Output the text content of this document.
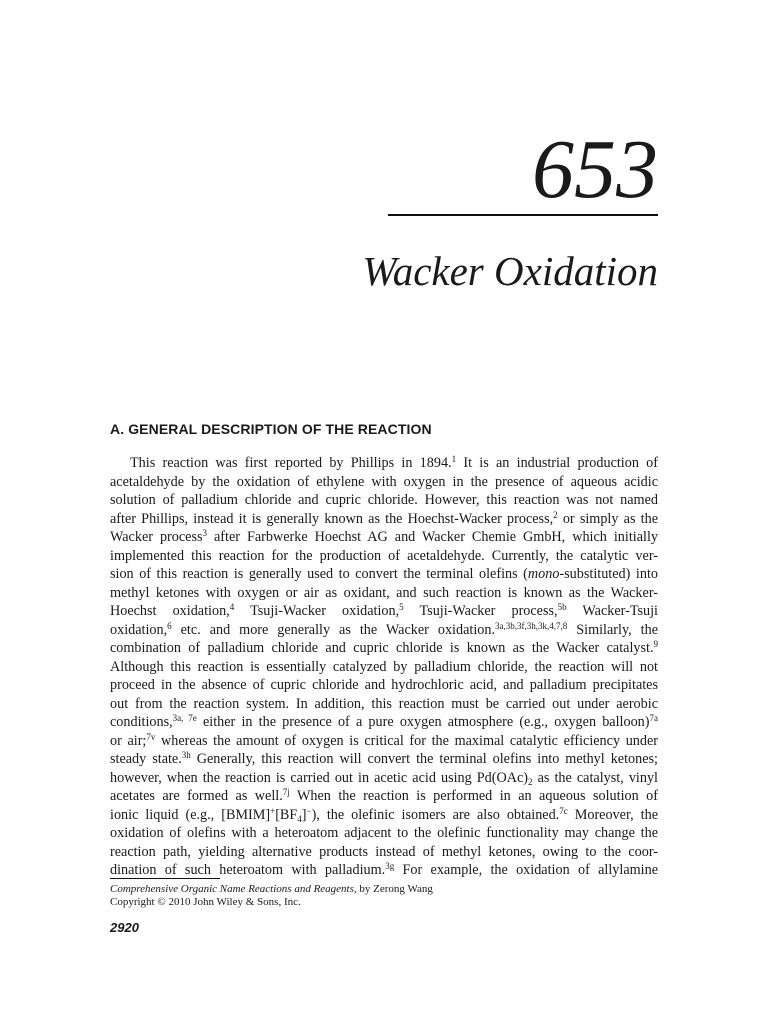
653
Wacker Oxidation
A. GENERAL DESCRIPTION OF THE REACTION
This reaction was first reported by Phillips in 1894.$^1$ It is an industrial production of
acetaldehyde by the oxidation of ethylene with oxygen in the presence of aqueous acidic
solution of palladium chloride and cupric chloride. However, this reaction was not named
after Phillips, instead it is generally known as the Hoechst-Wacker process,$^2$ or simply as the
Wacker process$^3$ after Farbwerke Hoechst AG and Wacker Chemie GmbH, which initially
implemented this reaction for the production of acetaldehyde. Currently, the catalytic ver-
sion of this reaction is generally used to convert the terminal olefins (mono-substituted) into
methyl ketones with oxygen or air as oxidant, and such reaction is known as the Wacker-
Hoechst oxidation,$^4$ Tsuji-Wacker oxidation,$^5$ Tsuji-Wacker process,$^{5b}$ Wacker-Tsuji
oxidation,$^6$ etc. and more generally as the Wacker oxidation.$^{3a,3b,3f,3h,3k,4,7,8}$ Similarly, the
combination of palladium chloride and cupric chloride is known as the Wacker catalyst.$^9$
Although this reaction is essentially catalyzed by palladium chloride, the reaction will not
proceed in the absence of cupric chloride and hydrochloric acid, and palladium precipitates
out from the reaction system. In addition, this reaction must be carried out under aerobic
conditions,$^{3a, 7e}$ either in the presence of a pure oxygen atmosphere (e.g., oxygen balloon)$^{7a}$
or air;$^{7v}$ whereas the amount of oxygen is critical for the maximal catalytic efficiency under
steady state.$^{3h}$ Generally, this reaction will convert the terminal olefins into methyl ketones;
however, when the reaction is carried out in acetic acid using $Pd(OAc)_2$ as the catalyst, vinyl
acetates are formed as well.$^{7j}$ When the reaction is performed in an aqueous solution of
ionic liquid (e.g., $[BMIM]^+[BF_4]^-$), the olefinic isomers are also obtained.$^{7c}$ Moreover, the
oxidation of olefins with a heteroatom adjacent to the olefinic functionality may change the
reaction path, yielding alternative products instead of methyl ketones, owing to the coor-
dination of such heteroatom with palladium.$^{3g}$ For example, the oxidation of allylamine
Comprehensive Organic Name Reactions and Reagents, by Zerong Wang
Copyright © 2010 John Wiley & Sons, Inc.
2920
